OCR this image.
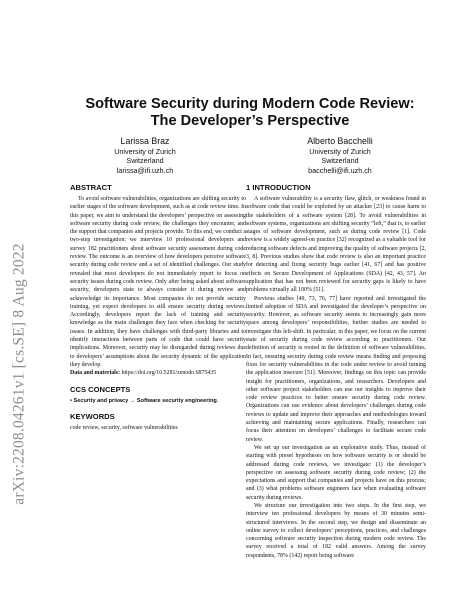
arXiv:2208.04261v1 [cs.SE] 8 Aug 2022
Software Security during Modern Code Review:
The Developer’s Perspective
Larissa Braz
University of Zurich
Switzerland
larissa@ifi.uzh.ch
Alberto Bacchelli
University of Zurich
Switzerland
bacchelli@ifi.uzh.ch
ABSTRACT

To avoid software vulnerabilities, organizations are shifting security to earlier stages of the software development, such as at code review time. In this paper, we aim to understand the developers’ perspective on assessing software security during code review, the challenges they encounter, and the support that companies and projects provide. To this end, we conduct a two-step investigation: we interview 10 professional developers and survey 182 practitioners about software security assessment during code review. The outcome is an overview of how developers perceive software security during code review and a set of identified challenges. Our study revealed that most developers do not immediately report to focus on security issues during code review. Only after being asked about software security, developers state to always consider it during review and acknowledge its importance. Most companies do not provide security training, yet expect developers to still ensure security during reviews. Accordingly, developers report the lack of training and security knowledge as the main challenges they face when checking for security issues. In addition, they have challenges with third-party libraries and to identify interactions between parts of code that could have security implications. Moreover, security may be disregarded during reviews due to developers’ assumptions about the security dynamic of the application they develop.

Data and materials: https://doi.org/10.5281/zenodo.6875435

CCS CONCEPTS

• Security and privacy → Software security engineering.

KEYWORDS

code review, security, software vulnerabilities

1 INTRODUCTION

A software vulnerability is a security flaw, glitch, or weakness found in software code that could be exploited by an attacker [23] to cause harm to the stakeholders of a software system [28]. To avoid vulnerabilities in software systems, organizations are shifting security “left,” that is, to earlier stages of software development, such as during code review [1]. Code review is a widely agreed-on practice [32] recognized as a valuable tool for reducing software defects and improving the quality of software projects [2, 3, 8]. Previous studies show that code review is also an important practice for detecting and fixing security bugs earlier [41, 67] and has positive effects on Secure Development of Applications (SDA) [42, 43, 57]. An application that has not been reviewed for security gaps is likely to have problems virtually all 100% [51].

Previous studies [49, 73, 76, 77] have reported and investigated the limited adoption of SDA and investigated the developer’s perspective on security. However, as software security seems to increasingly gain more space among developers’ responsibilities, further studies are needed to investigate this left-shift. In particular, in this paper, we focus on the current state of security during code review according to practitioners. Our definition of security is rooted in the definition of software vulnerabilities. In fact, ensuring security during code review means finding and proposing fixes for security vulnerabilities in the code under review to avoid turning the application insecure [51]. Moreover, findings on this topic can provide insight for practitioners, organizations, and researchers. Developers and other software project stakeholders can use our insights to improve their code review practices to better ensure security during code review. Organizations can use evidence about developers’ challenges during code reviews to update and improve their approaches and methodologies toward achieving and maintaining secure applications. Finally, researchers can focus their attention on developers’ challenges to facilitate secure code review.

We set up our investigation as an explorative study. Thus, instead of starting with preset hypotheses on how software security is or should be addressed during code reviews, we investigate: (1) the developer’s perspective on assessing software security during code review; (2) the expectations and support that companies and projects have on this process; and (3) what problems software engineers face when evaluating software security during reviews.

We structure our investigation into two steps. In the first step, we interview ten professional developers by means of 30 minutes semi-structured interviews. In the second step, we design and disseminate an online survey to collect developers’ perceptions, practices, and challenges concerning software security inspection during modern code review. The survey received a total of 182 valid answers. Among the survey respondents, 78% (142) report being software
